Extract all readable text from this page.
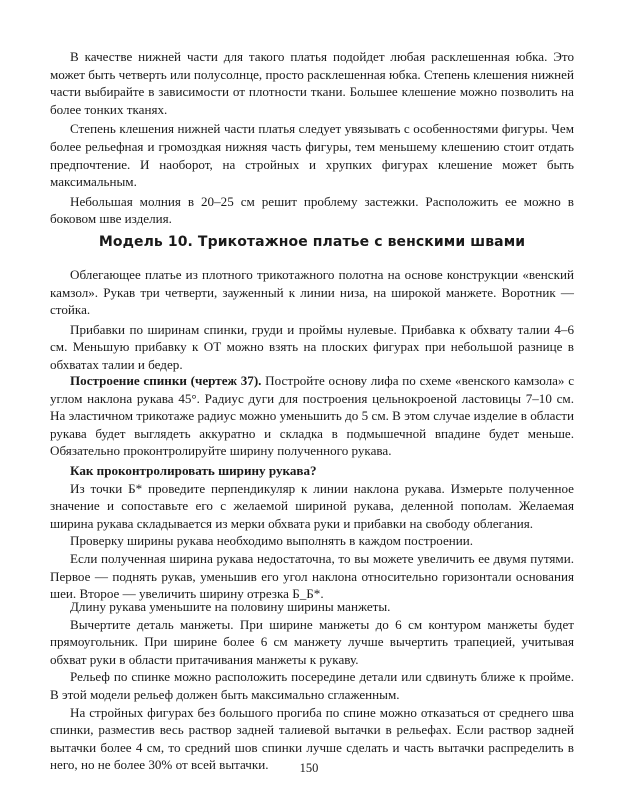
В качестве нижней части для такого платья подойдет любая расклешенная юбка. Это может быть четверть или полусолнце, просто расклешенная юбка. Степень клешения нижней части выбирайте в зависимости от плотности ткани. Большее клешение можно позволить на более тонких тканях.

Степень клешения нижней части платья следует увязывать с особенностями фигуры. Чем более рельефная и громоздкая нижняя часть фигуры, тем меньшему клешению стоит отдать предпочтение. И наоборот, на стройных и хрупких фигурах клешение может быть максимальным.

Небольшая молния в 20–25 см решит проблему застежки. Расположить ее можно в боковом шве изделия.

Модель 10. Трикотажное платье с венскими швами

Облегающее платье из плотного трикотажного полотна на основе конструкции «венский камзол». Рукав три четверти, зауженный к линии низа, на широкой манжете. Воротник — стойка.

Прибавки по ширинам спинки, груди и проймы нулевые. Прибавка к обхвату талии 4–6 см. Меньшую прибавку к ОТ можно взять на плоских фигурах при небольшой разнице в обхватах талии и бедер.

Построение спинки (чертеж 37). Постройте основу лифа по схеме «венского камзола» с углом наклона рукава 45°. Радиус дуги для построения цельнокроеной ластовицы 7–10 см. На эластичном трикотаже радиус можно уменьшить до 5 см. В этом случае изделие в области рукава будет выглядеть аккуратно и складка в подмышечной впадине будет меньше. Обязательно проконтролируйте ширину полученного рукава.

Как проконтролировать ширину рукава?

Из точки Б* проведите перпендикуляр к линии наклона рукава. Измерьте полученное значение и сопоставьте его с желаемой шириной рукава, деленной пополам. Желаемая ширина рукава складывается из мерки обхвата руки и прибавки на свободу облегания.

Проверку ширины рукава необходимо выполнять в каждом построении.

Если полученная ширина рукава недостаточна, то вы можете увеличить ее двумя путями. Первое — поднять рукав, уменьшив его угол наклона относительно горизонтали основания шеи. Второе — увеличить ширину отрезка Б_Б*.

Длину рукава уменьшите на половину ширины манжеты.

Вычертите деталь манжеты. При ширине манжеты до 6 см контуром манжеты будет прямоугольник. При ширине более 6 см манжету лучше вычертить трапецией, учитывая обхват руки в области притачивания манжеты к рукаву.

Рельеф по спинке можно расположить посередине детали или сдвинуть ближе к пройме. В этой модели рельеф должен быть максимально сглаженным.

На стройных фигурах без большого прогиба по спине можно отказаться от среднего шва спинки, разместив весь раствор задней талиевой вытачки в рельефах. Если раствор задней вытачки более 4 см, то средний шов спинки лучше сделать и часть вытачки распределить в него, но не более 30% от всей вытачки.	150
